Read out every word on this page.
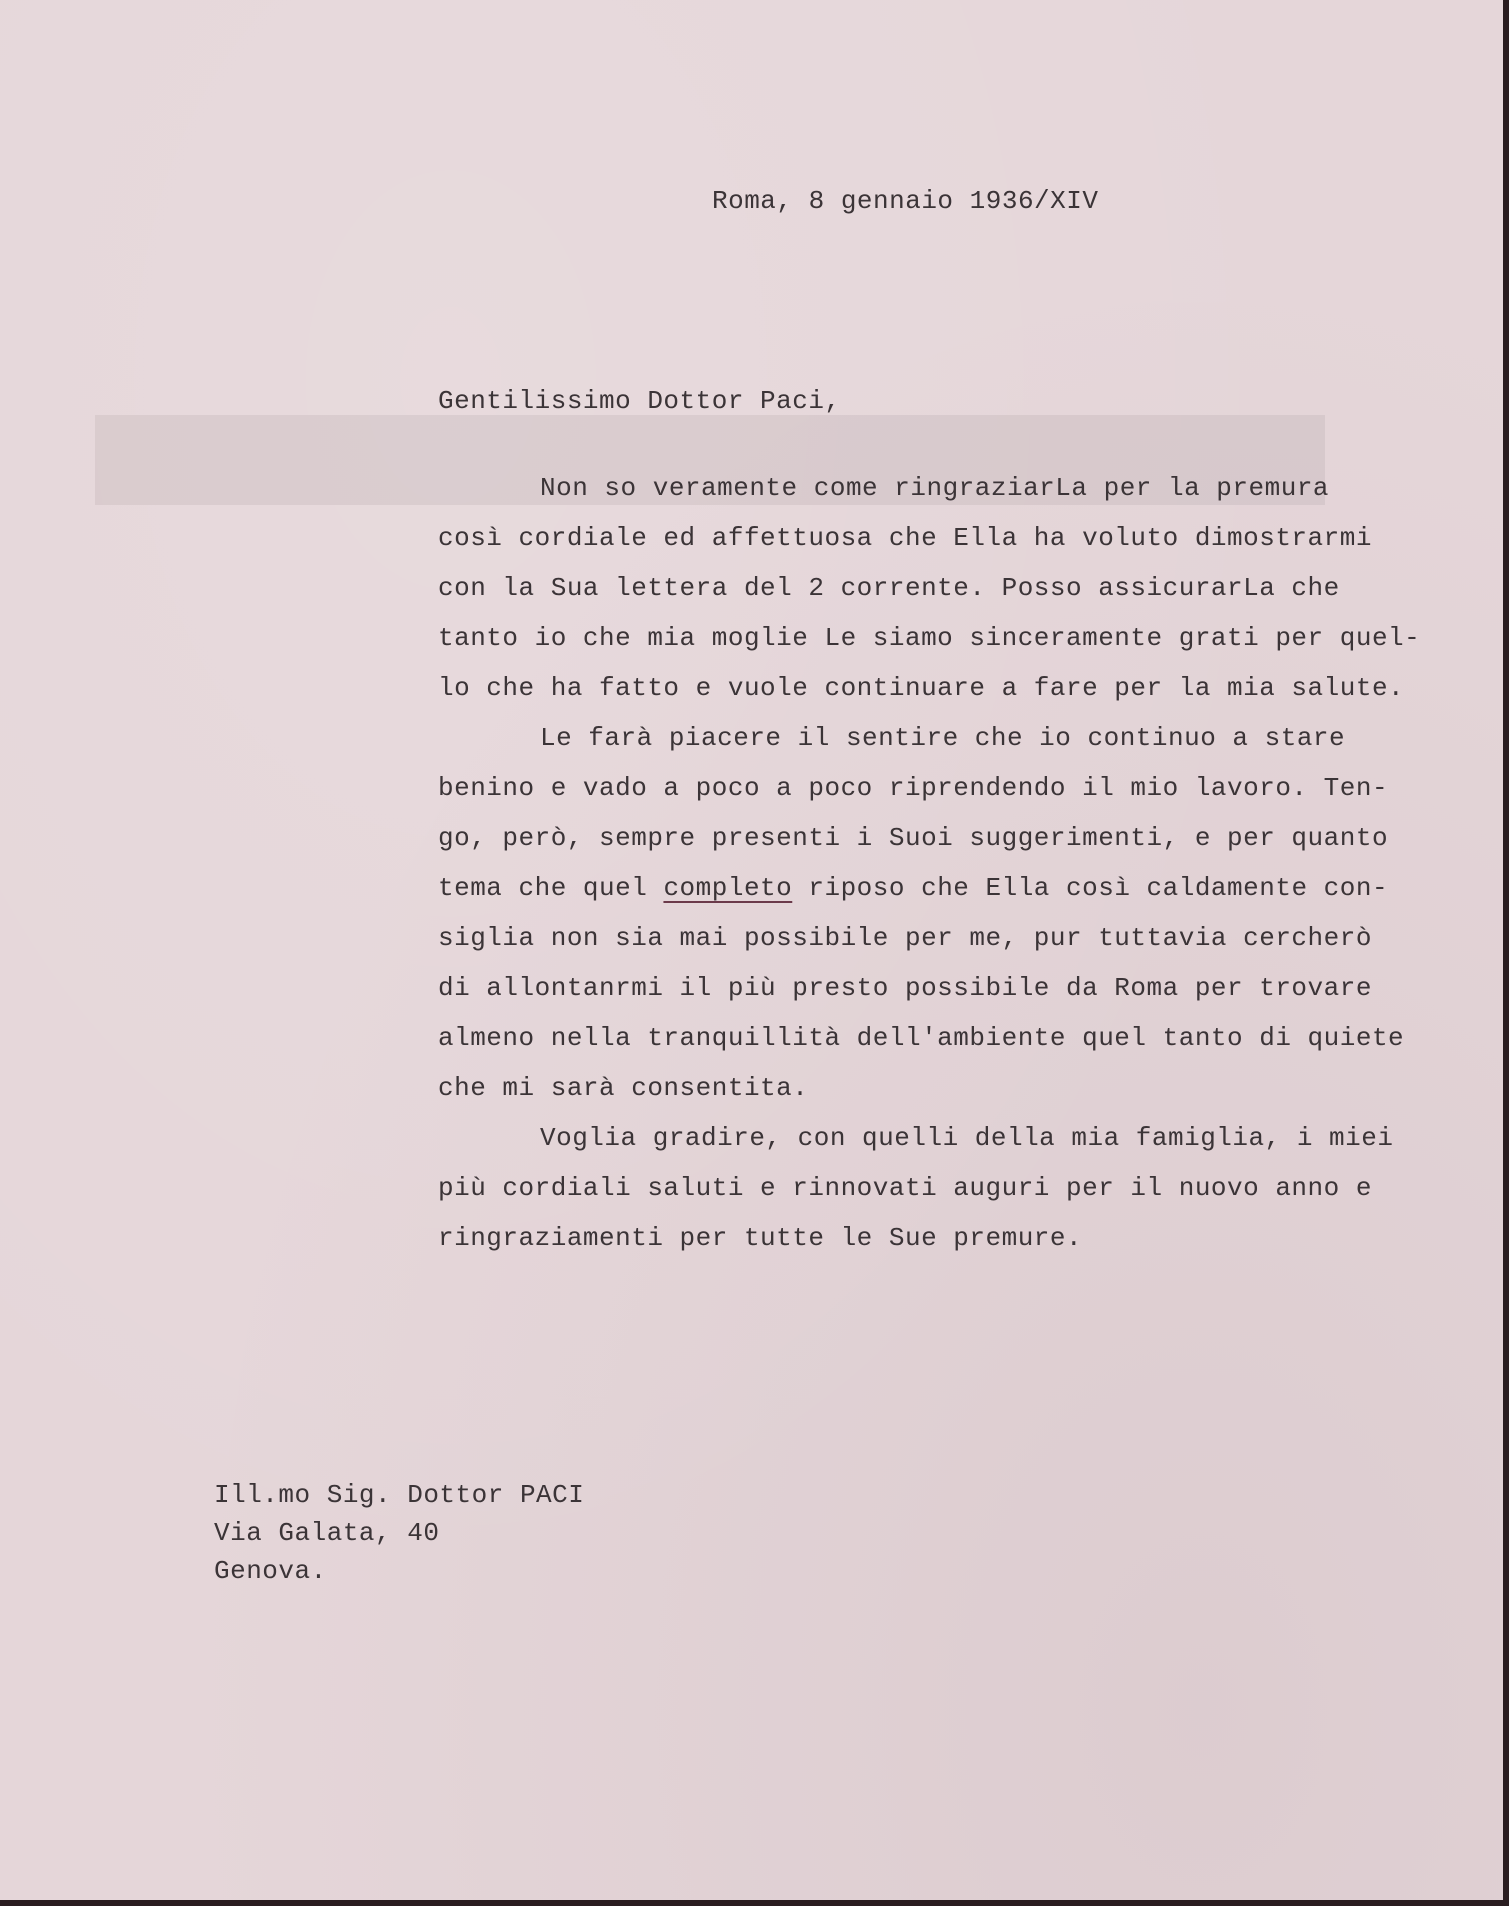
Roma, 8 gennaio 1936/XIV
Gentilissimo Dottor Paci,
Non so veramente come ringraziarLa per la premura
così cordiale ed affettuosa che Ella ha voluto dimostrarmi
con la Sua lettera del 2 corrente. Posso assicurarLa che
tanto io che mia moglie Le siamo sinceramente grati per quel-
lo che ha fatto e vuole continuare a fare per la mia salute.
Le farà piacere il sentire che io continuo a stare
benino e vado a poco a poco riprendendo il mio lavoro. Ten-
go, però, sempre presenti i Suoi suggerimenti, e per quanto
tema che quel completo riposo che Ella così caldamente con-
siglia non sia mai possibile per me, pur tuttavia cercherò
di allontanrmi il più presto possibile da Roma per trovare
almeno nella tranquillità dell'ambiente quel tanto di quiete
che mi sarà consentita.
Voglia gradire, con quelli della mia famiglia, i miei
più cordiali saluti e rinnovati auguri per il nuovo anno e
ringraziamenti per tutte le Sue premure.
Ill.mo Sig. Dottor PACI
Via Galata, 40
Genova.
